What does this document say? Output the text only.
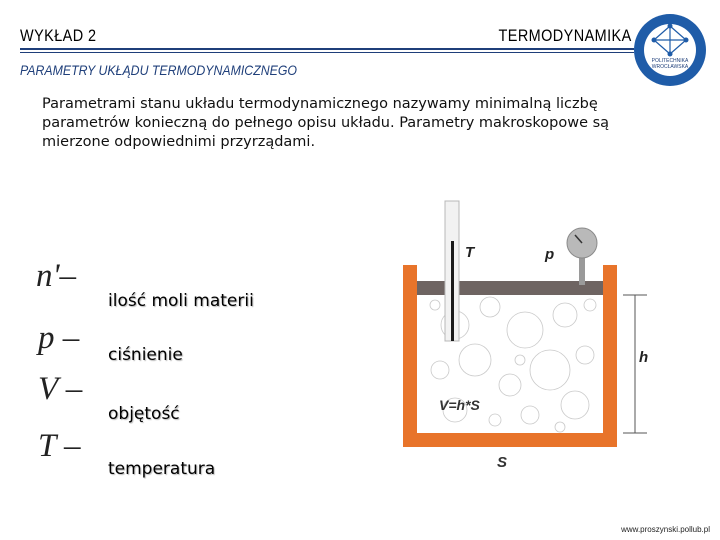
WYKŁAD 2	TERMODYNAMIKA
PARAMETRY UKŁĄDU TERMODYNAMICZNEGO
POLITECHNIKA
WROCŁAWSKA
Parametrami stanu układu termodynamicznego nazywamy minimalną liczbę parametrów konieczną do pełnego opisu układu. Parametry makroskopowe są mierzone odpowiednimi przyrządami.
n'–
ilość moli materii
p – ciśnienie
V –
objętość
T –
temperatura
T	p
h
V=h*S
S
www.proszynski.pollub.pl
